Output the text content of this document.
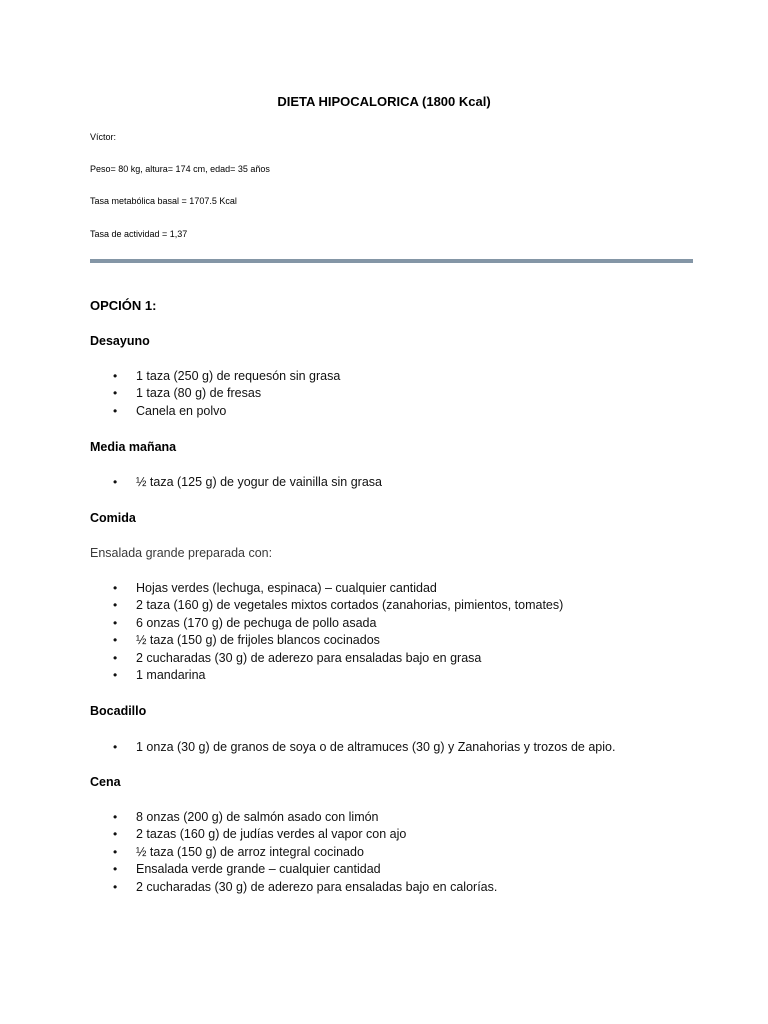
DIETA HIPOCALORICA (1800 Kcal)
Víctor:
Peso= 80 kg, altura= 174 cm, edad= 35 años
Tasa metabólica basal = 1707.5 Kcal
Tasa de actividad = 1,37
OPCIÓN 1:
Desayuno
• 1 taza (250 g) de requesón sin grasa
• 1 taza (80 g) de fresas
• Canela en polvo
Media mañana
• ½ taza (125 g) de yogur de vainilla sin grasa
Comida
Ensalada grande preparada con:
• Hojas verdes (lechuga, espinaca) – cualquier cantidad
• 2 taza (160 g) de vegetales mixtos cortados (zanahorias, pimientos, tomates)
• 6 onzas (170 g) de pechuga de pollo asada
• ½ taza (150 g) de frijoles blancos cocinados
• 2 cucharadas (30 g) de aderezo para ensaladas bajo en grasa
• 1 mandarina
Bocadillo
• 1 onza (30 g) de granos de soya o de altramuces (30 g) y Zanahorias y trozos de apio.
Cena
• 8 onzas (200 g) de salmón asado con limón
• 2 tazas (160 g) de judías verdes al vapor con ajo
• ½ taza (150 g) de arroz integral cocinado
• Ensalada verde grande – cualquier cantidad
• 2 cucharadas (30 g) de aderezo para ensaladas bajo en calorías.
